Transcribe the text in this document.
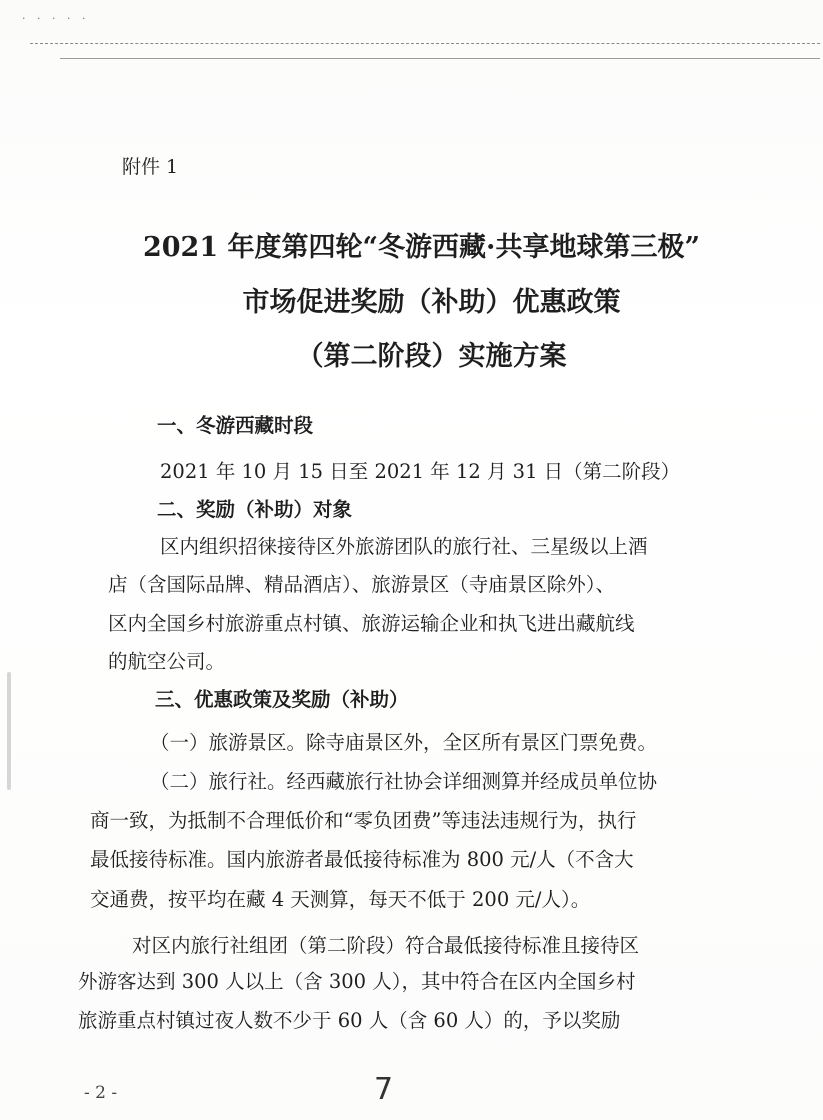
· · · · ·
附件 1
2021 年度第四轮“冬游西藏·共享地球第三极”
市场促进奖励（补助）优惠政策
（第二阶段）实施方案
一、冬游西藏时段
2021 年 10 月 15 日至 2021 年 12 月 31 日（第二阶段）
二、奖励（补助）对象
区内组织招徕接待区外旅游团队的旅行社、三星级以上酒
店（含国际品牌、精品酒店）、旅游景区（寺庙景区除外）、
区内全国乡村旅游重点村镇、旅游运输企业和执飞进出藏航线
的航空公司。
三、优惠政策及奖励（补助）
（一）旅游景区。除寺庙景区外，全区所有景区门票免费。
（二）旅行社。经西藏旅行社协会详细测算并经成员单位协
商一致，为抵制不合理低价和“零负团费”等违法违规行为，执行
最低接待标准。国内旅游者最低接待标准为 800 元/人（不含大
交通费，按平均在藏 4 天测算，每天不低于 200 元/人）。
对区内旅行社组团（第二阶段）符合最低接待标准且接待区
外游客达到 300 人以上（含 300 人），其中符合在区内全国乡村
旅游重点村镇过夜人数不少于 60 人（含 60 人）的，予以奖励
- 2 -	7
